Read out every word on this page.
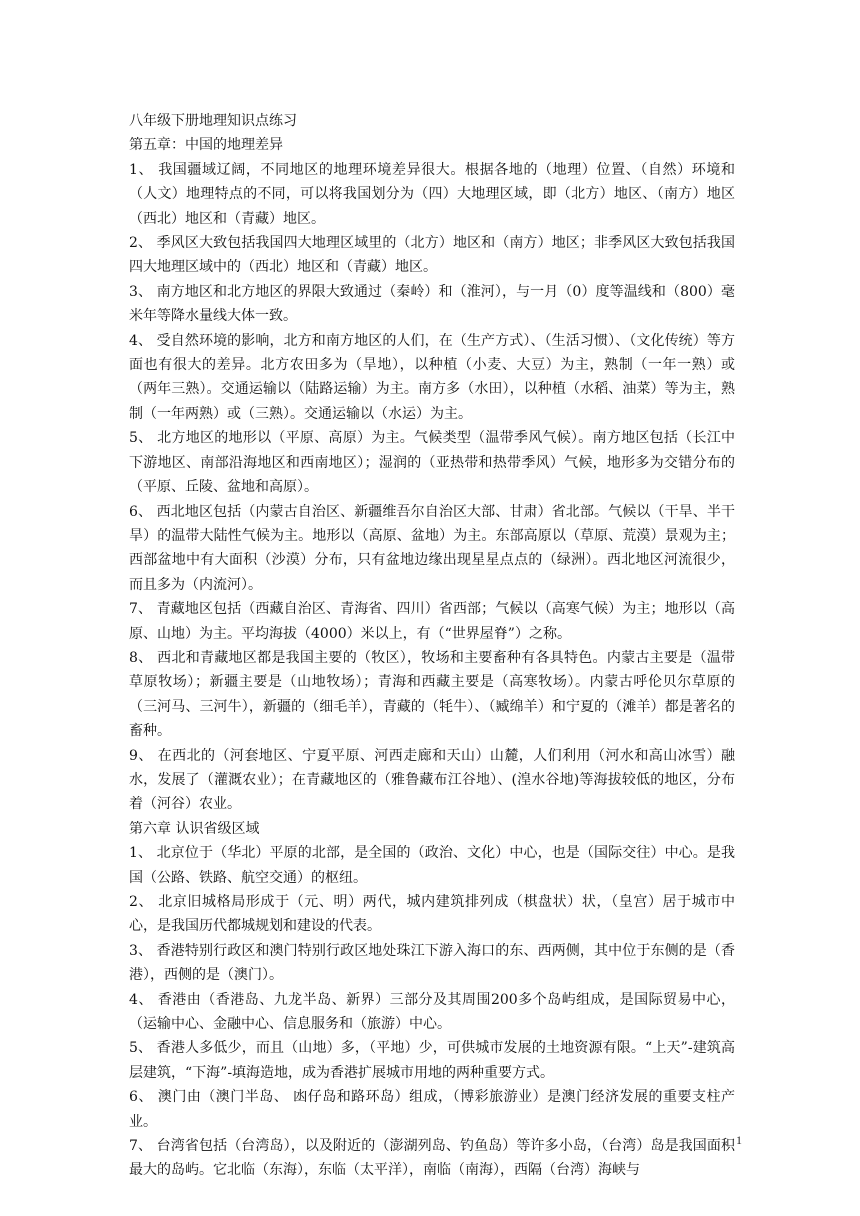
八年级下册地理知识点练习

第五章：中国的地理差异

1、 我国疆域辽阔，不同地区的地理环境差异很大。根据各地的（地理）位置、（自然）环境和（人文）地理特点的不同，可以将我国划分为（四）大地理区域，即（北方）地区、（南方）地区（西北）地区和（青藏）地区。

2、 季风区大致包括我国四大地理区域里的（北方）地区和（南方）地区；非季风区大致包括我国四大地理区域中的（西北）地区和（青藏）地区。

3、 南方地区和北方地区的界限大致通过（秦岭）和（淮河），与一月（0）度等温线和（800）毫米年等降水量线大体一致。

4、 受自然环境的影响，北方和南方地区的人们，在（生产方式）、（生活习惯）、（文化传统）等方面也有很大的差异。北方农田多为（旱地），以种植（小麦、大豆）为主，熟制（一年一熟）或（两年三熟）。交通运输以（陆路运输）为主。南方多（水田），以种植（水稻、油菜）等为主，熟制（一年两熟）或（三熟）。交通运输以（水运）为主。

5、 北方地区的地形以（平原、高原）为主。气候类型（温带季风气候）。南方地区包括（长江中下游地区、南部沿海地区和西南地区）；湿润的（亚热带和热带季风）气候，地形多为交错分布的（平原、丘陵、盆地和高原）。

6、 西北地区包括（内蒙古自治区、新疆维吾尔自治区大部、甘肃）省北部。气候以（干旱、半干旱）的温带大陆性气候为主。地形以（高原、盆地）为主。东部高原以（草原、荒漠）景观为主；西部盆地中有大面积（沙漠）分布，只有盆地边缘出现星星点点的（绿洲）。西北地区河流很少，而且多为（内流河）。

7、 青藏地区包括（西藏自治区、青海省、四川）省西部；气候以（高寒气候）为主；地形以（高原、山地）为主。平均海拔（4000）米以上，有（“世界屋脊”）之称。

8、 西北和青藏地区都是我国主要的（牧区），牧场和主要畜种有各具特色。内蒙古主要是（温带草原牧场）；新疆主要是（山地牧场）；青海和西藏主要是（高寒牧场）。内蒙古呼伦贝尔草原的（三河马、三河牛），新疆的（细毛羊），青藏的（牦牛）、（臧绵羊）和宁夏的（滩羊）都是著名的畜种。

9、 在西北的（河套地区、宁夏平原、河西走廊和天山）山麓，人们利用（河水和高山冰雪）融水，发展了（灌溉农业）；在青藏地区的（雅鲁藏布江谷地）、(湟水谷地)等海拔较低的地区，分布着（河谷）农业。

第六章 认识省级区域

1、 北京位于（华北）平原的北部，是全国的（政治、文化）中心，也是（国际交往）中心。是我国（公路、铁路、航空交通）的枢纽。

2、 北京旧城格局形成于（元、明）两代，城内建筑排列成（棋盘状）状，（皇宫）居于城市中心，是我国历代都城规划和建设的代表。

3、 香港特别行政区和澳门特别行政区地处珠江下游入海口的东、西两侧，其中位于东侧的是（香港），西侧的是（澳门）。

4、 香港由（香港岛、九龙半岛、新界）三部分及其周围200多个岛屿组成，是国际贸易中心，（运输中心、金融中心、信息服务和（旅游）中心。

5、 香港人多低少，而且（山地）多，（平地）少，可供城市发展的土地资源有限。“上天”-建筑高层建筑，“下海”-填海造地，成为香港扩展城市用地的两种重要方式。

6、 澳门由（澳门半岛、 凼仔岛和路环岛）组成，（博彩旅游业）是澳门经济发展的重要支柱产业。

7、 台湾省包括（台湾岛），以及附近的（澎湖列岛、钓鱼岛）等许多小岛，（台湾）岛是我国面积最大的岛屿。它北临（东海），东临（太平洋），南临（南海），西隔（台湾）海峡与

1
